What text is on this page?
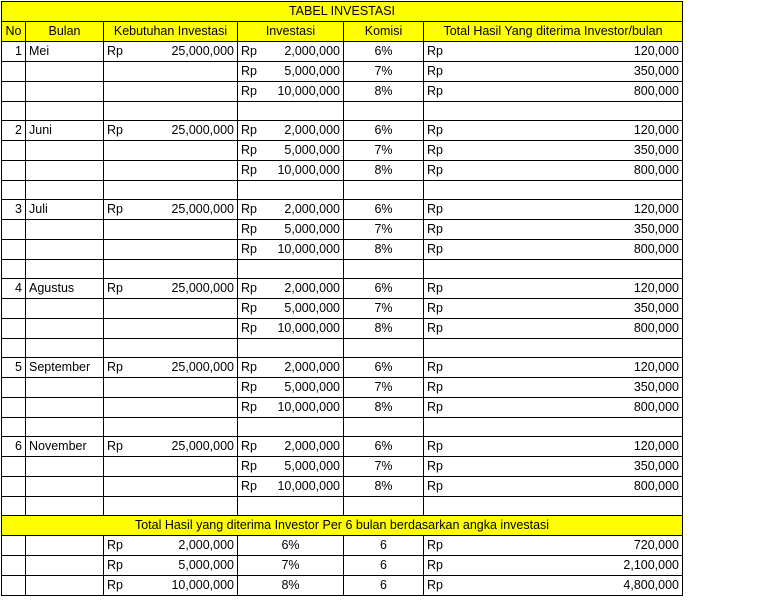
TABEL INVESTASI					
No	Bulan	Kebutuhan Investasi	Investasi	Komisi	Total Hasil Yang diterima Investor/bulan
1	Mei	Rp 25,000,000	Rp 2,000,000	6%	Rp 120,000

			Rp 5,000,000	7%	Rp 350,000

			Rp 10,000,000	8%	Rp 800,000

2	Juni	Rp 25,000,000	Rp 2,000,000	6%	Rp 120,000

			Rp 5,000,000	7%	Rp 350,000

			Rp 10,000,000	8%	Rp 800,000

3	Juli	Rp 25,000,000	Rp 2,000,000	6%	Rp 120,000

			Rp 5,000,000	7%	Rp 350,000

			Rp 10,000,000	8%	Rp 800,000

4	Agustus	Rp 25,000,000	Rp 2,000,000	6%	Rp 120,000

			Rp 5,000,000	7%	Rp 350,000

			Rp 10,000,000	8%	Rp 800,000

5	September	Rp 25,000,000	Rp 2,000,000	6%	Rp 120,000

			Rp 5,000,000	7%	Rp 350,000

			Rp 10,000,000	8%	Rp 800,000

6	November	Rp 25,000,000	Rp 2,000,000	6%	Rp 120,000

			Rp 5,000,000	7%	Rp 350,000

			Rp 10,000,000	8%	Rp 800,000

Total Hasil yang diterima Investor Per 6 bulan berdasarkan angka investasi					

		Rp 2,000,000	6%	6	Rp 720,000

		Rp 5,000,000	7%	6	Rp 2,100,000

		Rp 10,000,000	8%	6	Rp 4,800,000
